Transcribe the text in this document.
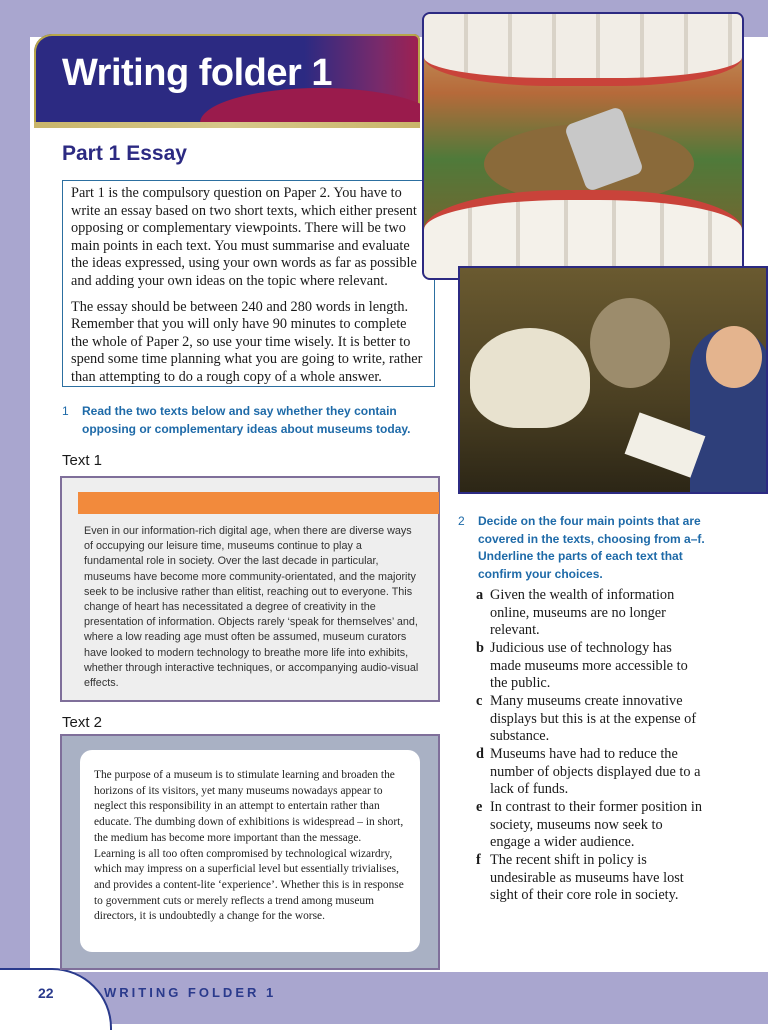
Writing folder 1
Part 1 Essay

Part 1 is the compulsory question on Paper 2. You have to write an essay based on two short texts, which either present opposing or complementary viewpoints. There will be two main points in each text. You must summarise and evaluate the ideas expressed, using your own words as far as possible and adding your own ideas on the topic where relevant.

The essay should be between 240 and 280 words in length. Remember that you will only have 90 minutes to complete the whole of Paper 2, so use your time wisely. It is better to spend some time planning what you are going to write, rather than attempting to do a rough copy of a whole answer.

1 Read the two texts below and say whether they contain opposing or complementary ideas about museums today.
Text 1
Even in our information-rich digital age, when there are diverse ways of occupying our leisure time, museums continue to play a fundamental role in society. Over the last decade in particular, museums have become more community-orientated, and the majority seek to be inclusive rather than elitist, reaching out to everyone. This change of heart has necessitated a degree of creativity in the presentation of information. Objects rarely ‘speak for themselves’ and, where a low reading age must often be assumed, museum curators have looked to modern technology to breathe more life into exhibits, whether through interactive techniques, or accompanying audio-visual effects.
Text 2
The purpose of a museum is to stimulate learning and broaden the horizons of its visitors, yet many museums nowadays appear to neglect this responsibility in an attempt to entertain rather than educate. The dumbing down of exhibitions is widespread – in short, the medium has become more important than the message. Learning is all too often compromised by technological wizardry, which may impress on a superficial level but essentially trivialises, and provides a content-lite ‘experience’. Whether this is in response to government cuts or merely reflects a trend among museum directors, it is undoubtedly a change for the worse.
2 Decide on the four main points that are covered in the texts, choosing from a–f. Underline the parts of each text that confirm your choices.
a Given the wealth of information online, museums are no longer relevant.
b Judicious use of technology has made museums more accessible to the public.
c Many museums create innovative displays but this is at the expense of substance.
d Museums have had to reduce the number of objects displayed due to a lack of funds.
e In contrast to their former position in society, museums now seek to engage a wider audience.
f The recent shift in policy is undesirable as museums have lost sight of their core role in society.
22	WRITING FOLDER 1
